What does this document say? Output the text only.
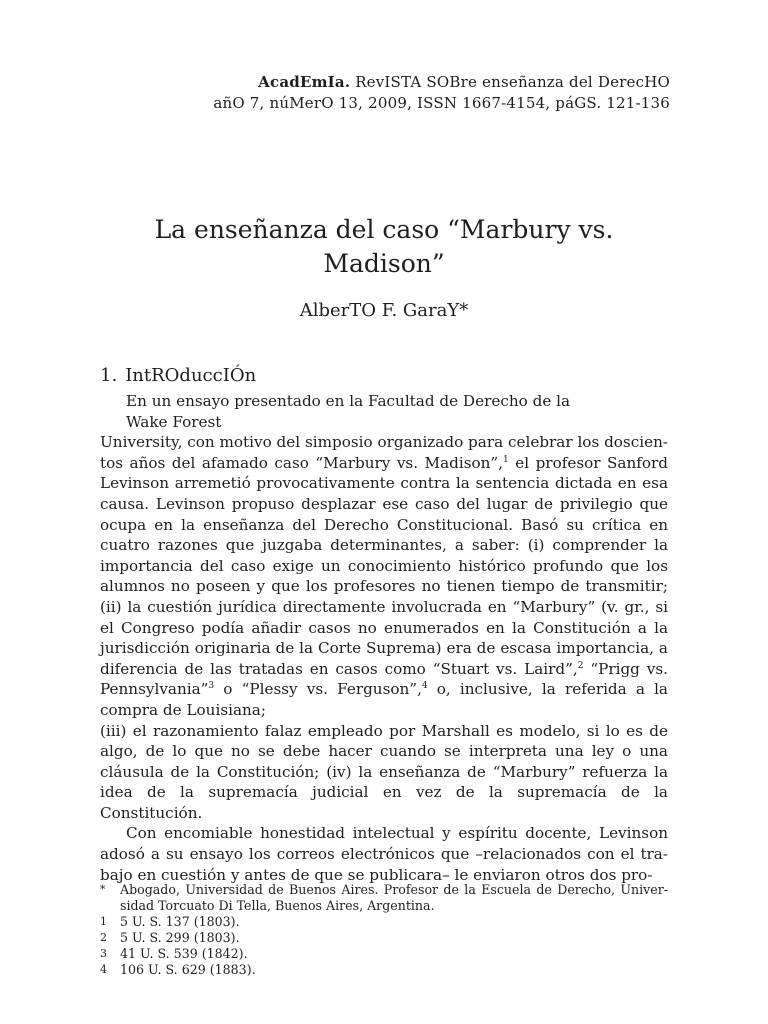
AcadEmIa. RevISTA SOBre enseñanza del DerecHO
añO 7, núMerO 13, 2009, ISSN 1667-4154, páGS. 121-136
La enseñanza del caso “Marbury vs.
Madison”
AlberTO F. GaraY*
1. IntROduccIÓn

En un ensayo presentado en la Facultad de Derecho de la Wake Forest

University, con motivo del simposio organizado para celebrar los doscien-tos años del afamado caso “Marbury vs. Madison”,$^1$ el profesor Sanford Levinson arremetió provocativamente contra la sentencia dictada en esa causa. Levinson propuso desplazar ese caso del lugar de privilegio que ocupa en la enseñanza del Derecho Constitucional. Basó su crítica en cuatro razones que juzgaba determinantes, a saber: (i) comprender la importancia del caso exige un conocimiento histórico profundo que los alumnos no poseen y que los profesores no tienen tiempo de transmitir; (ii) la cuestión jurídica directamente involucrada en “Marbury” (v. gr., si el Congreso podía añadir casos no enumerados en la Constitución a la jurisdicción originaria de la Corte Suprema) era de escasa importancia, a diferencia de las tratadas en casos como “Stuart vs. Laird”,$^2$ “Prigg vs. Pennsylvania”$^3$ o “Plessy vs. Ferguson”,$^4$ o, inclusive, la referida a la compra de Louisiana;

(iii) el razonamiento falaz empleado por Marshall es modelo, si lo es de algo, de lo que no se debe hacer cuando se interpreta una ley o una cláusula de la Constitución; (iv) la enseñanza de “Marbury” refuerza la idea de la supremacía judicial en vez de la supremacía de la Constitución.

Con encomiable honestidad intelectual y espíritu docente, Levinson adosó a su ensayo los correos electrónicos que –relacionados con el tra-bajo en cuestión y antes de que se publicara– le enviaron otros dos pro-

*	Abogado, Universidad de Buenos Aires. Profesor de la Escuela de Derecho, Univer-sidad Torcuato Di Tella, Buenos Aires, Argentina.
1	5 U. S. 137 (1803).
2	5 U. S. 299 (1803).
3	41 U. S. 539 (1842).
4	106 U. S. 629 (1883).
